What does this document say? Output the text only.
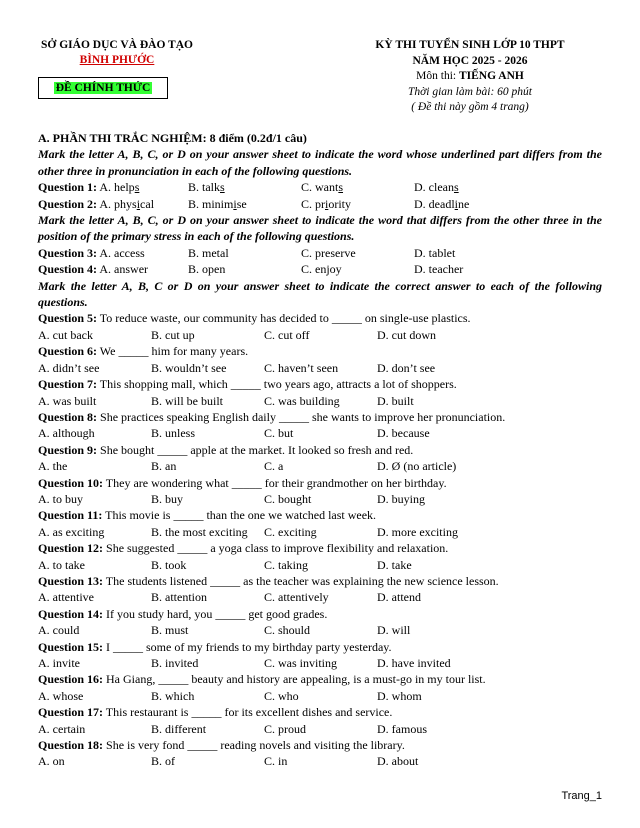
SỞ GIÁO DỤC VÀ ĐÀO TẠO
BÌNH PHƯỚC
ĐỀ CHÍNH THỨC
KỲ THI TUYỂN SINH LỚP 10 THPT
NĂM HỌC 2025 - 2026
Môn thi: TIẾNG ANH
Thời gian làm bài: 60 phút
( Đề thi này gồm 4 trang)
A. PHẦN THI TRẮC NGHIỆM: 8 điểm (0.2đ/1 câu)
Mark the letter A, B, C, or D on your answer sheet to indicate the word whose underlined part differs from the other three in pronunciation in each of the following questions.
Question 1: A. helps	B. talks	C. wants	D. cleans
Question 2: A. physical	B. minimise	C. priority	D. deadline
Mark the letter A, B, C, or D on your answer sheet to indicate the word that differs from the other three in the position of the primary stress in each of the following questions.
Question 3: A. access	B. metal	C. preserve	D. tablet
Question 4: A. answer	B. open	C. enjoy	D. teacher
Mark the letter A, B, C or D on your answer sheet to indicate the correct answer to each of the following questions.
Question 5: To reduce waste, our community has decided to _____ on single-use plastics.
A. cut back	B. cut up	C. cut off	D. cut down
Question 6: We _____ him for many years.
A. didn’t see	B. wouldn’t see	C. haven’t seen	D. don’t see
Question 7: This shopping mall, which _____ two years ago, attracts a lot of shoppers.
A. was built	B. will be built	C. was building	D. built
Question 8: She practices speaking English daily _____ she wants to improve her pronunciation.
A. although	B. unless	C. but	D. because
Question 9: She bought _____ apple at the market. It looked so fresh and red.
A. the	B. an	C. a	D. Ø (no article)
Question 10: They are wondering what _____ for their grandmother on her birthday.
A. to buy	B. buy	C. bought	D. buying
Question 11: This movie is _____ than the one we watched last week.
A. as exciting	B. the most exciting	C. exciting	D. more exciting
Question 12: She suggested _____ a yoga class to improve flexibility and relaxation.
A. to take	B. took	C. taking	D. take
Question 13: The students listened _____ as the teacher was explaining the new science lesson.
A. attentive	B. attention	C. attentively	D. attend
Question 14: If you study hard, you _____ get good grades.
A. could	B. must	C. should	D. will
Question 15: I _____ some of my friends to my birthday party yesterday.
A. invite	B. invited	C. was inviting	D. have invited
Question 16: Ha Giang, _____ beauty and history are appealing, is a must-go in my tour list.
A. whose	B. which	C. who	D. whom
Question 17: This restaurant is _____ for its excellent dishes and service.
A. certain	B. different	C. proud	D. famous
Question 18: She is very fond _____ reading novels and visiting the library.
A. on	B. of	C. in	D. about
Trang_1
